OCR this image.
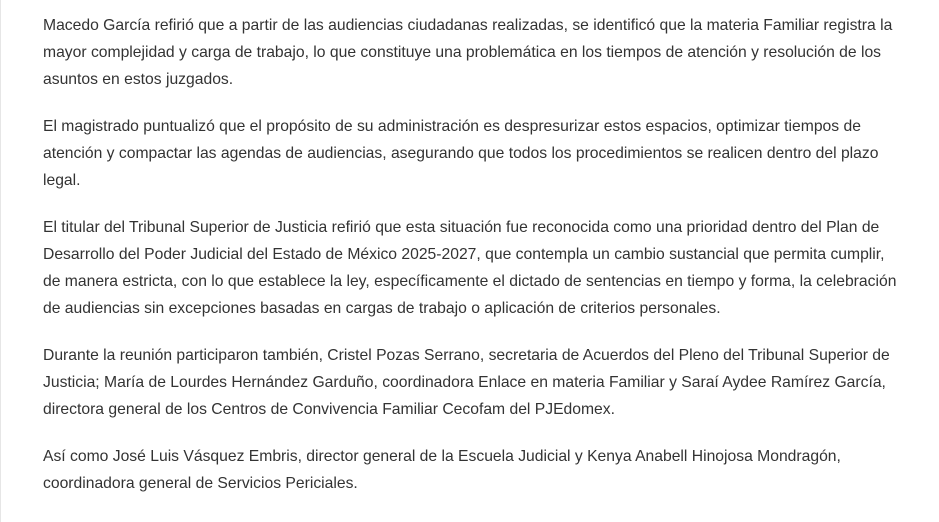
Macedo García refirió que a partir de las audiencias ciudadanas realizadas, se identificó que la materia Familiar registra la mayor complejidad y carga de trabajo, lo que constituye una problemática en los tiempos de atención y resolución de los asuntos en estos juzgados.

El magistrado puntualizó que el propósito de su administración es despresurizar estos espacios, optimizar tiempos de atención y compactar las agendas de audiencias, asegurando que todos los procedimientos se realicen dentro del plazo legal.

El titular del Tribunal Superior de Justicia refirió que esta situación fue reconocida como una prioridad dentro del Plan de Desarrollo del Poder Judicial del Estado de México 2025-2027, que contempla un cambio sustancial que permita cumplir, de manera estricta, con lo que establece la ley, específicamente el dictado de sentencias en tiempo y forma, la celebración de audiencias sin excepciones basadas en cargas de trabajo o aplicación de criterios personales.

Durante la reunión participaron también, Cristel Pozas Serrano, secretaria de Acuerdos del Pleno del Tribunal Superior de Justicia; María de Lourdes Hernández Garduño, coordinadora Enlace en materia Familiar y Saraí Aydee Ramírez García, directora general de los Centros de Convivencia Familiar Cecofam del PJEdomex.

Así como José Luis Vásquez Embris, director general de la Escuela Judicial y Kenya Anabell Hinojosa Mondragón, coordinadora general de Servicios Periciales.
